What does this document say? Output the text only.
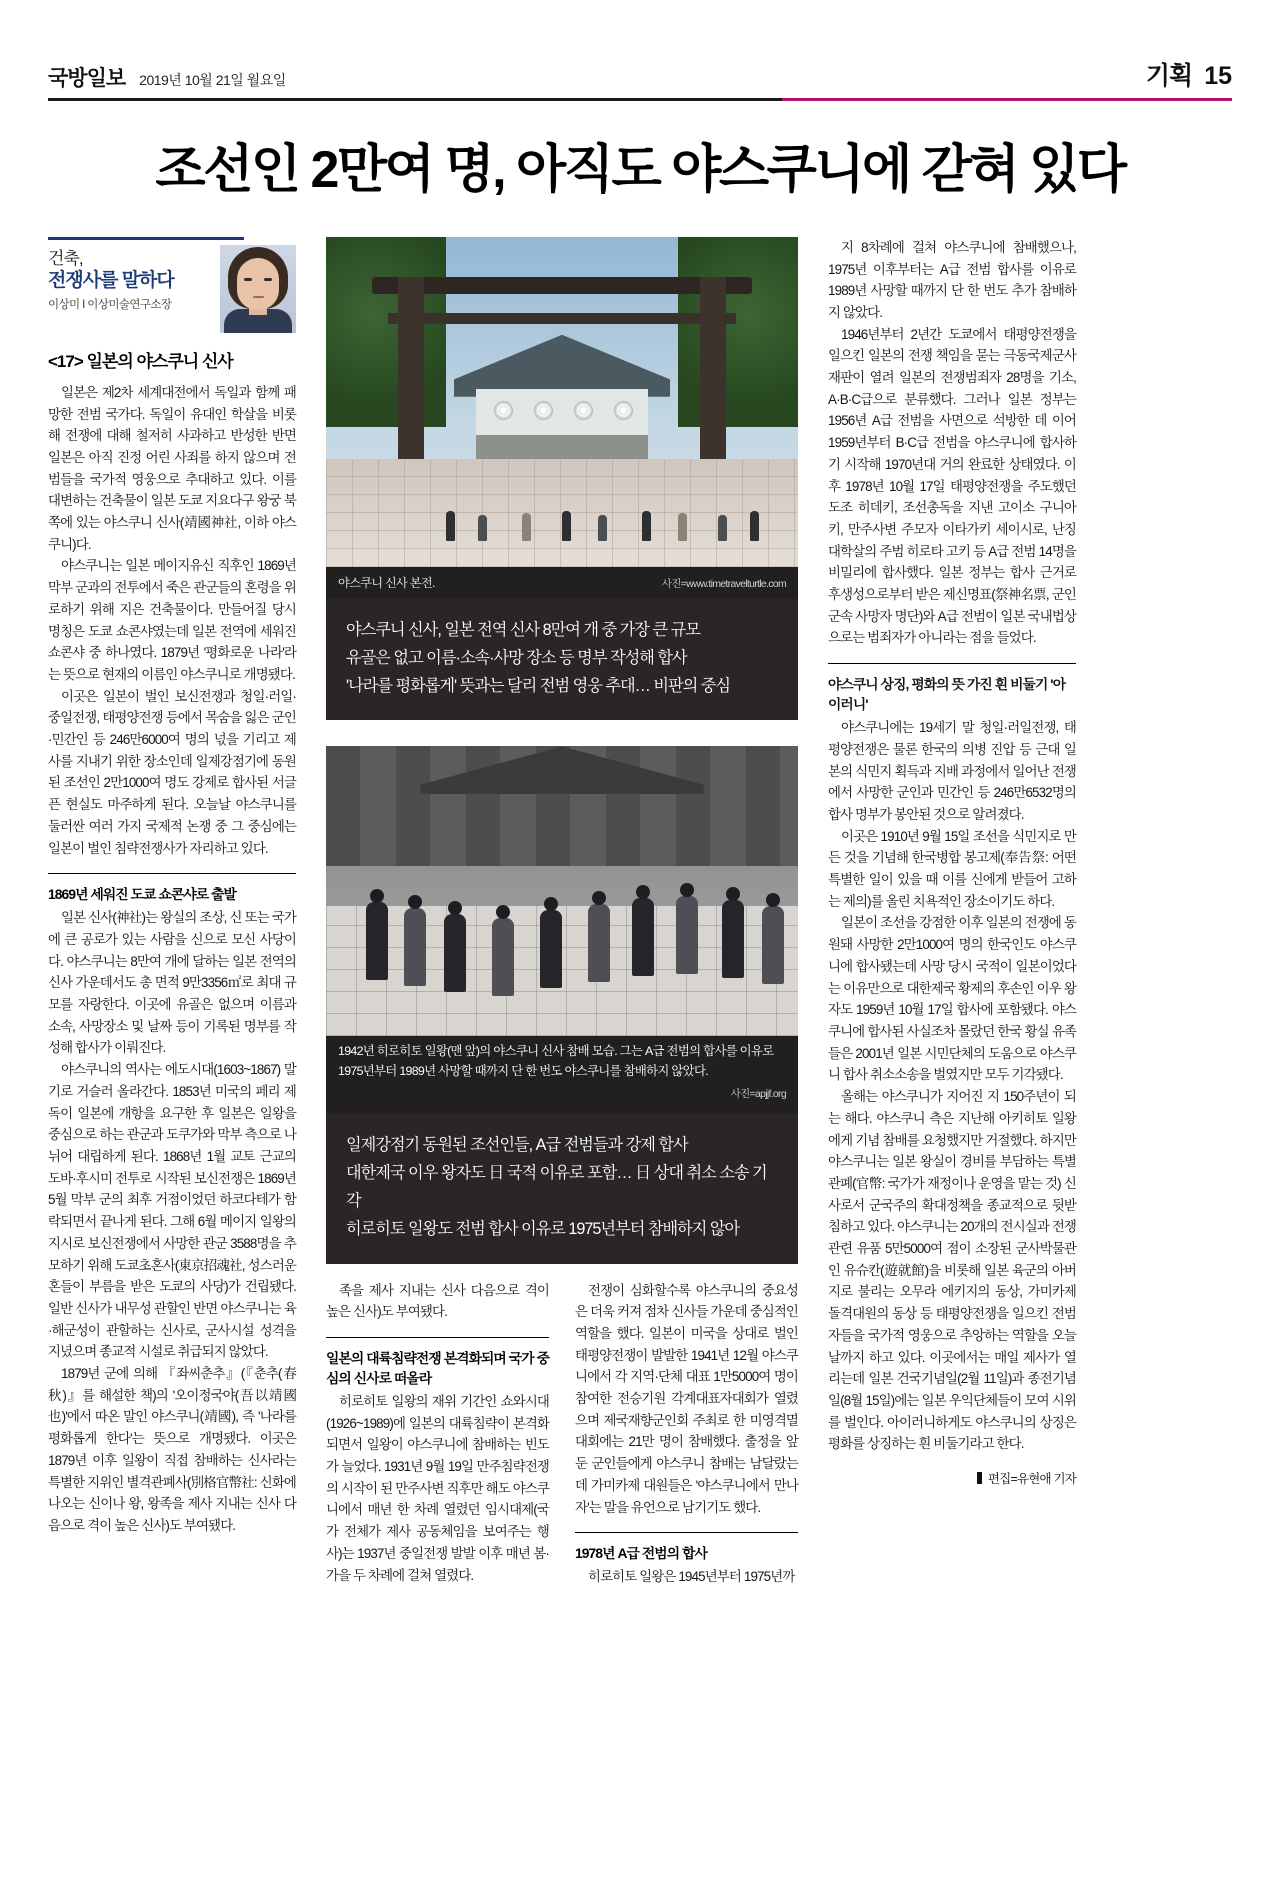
국방일보 2019년 10월 21일 월요일	기획 15
조선인 2만여 명, 아직도 야스쿠니에 갇혀 있다
건축,
전쟁사를 말하다
이상미 I 이상미술연구소장
<17> 일본의 야스쿠니 신사

일본은 제2차 세계대전에서 독일과 함께 패망한 전범 국가다. 독일이 유대인 학살을 비롯해 전쟁에 대해 철저히 사과하고 반성한 반면 일본은 아직 진정 어린 사죄를 하지 않으며 전범들을 국가적 영웅으로 추대하고 있다. 이를 대변하는 건축물이 일본 도쿄 지요다구 왕궁 북쪽에 있는 야스쿠니 신사(靖國神社, 이하 야스쿠니)다.

야스쿠니는 일본 메이지유신 직후인 1869년 막부 군과의 전투에서 죽은 관군들의 혼령을 위로하기 위해 지은 건축물이다. 만들어질 당시 명칭은 도쿄 쇼콘샤였는데 일본 전역에 세워진 쇼콘샤 중 하나였다. 1879년 '평화로운 나라'라는 뜻으로 현재의 이름인 야스쿠니로 개명됐다.

이곳은 일본이 벌인 보신전쟁과 청일·러일·중일전쟁, 태평양전쟁 등에서 목숨을 잃은 군인·민간인 등 246만6000여 명의 넋을 기리고 제사를 지내기 위한 장소인데 일제강점기에 동원된 조선인 2만1000여 명도 강제로 합사된 서글픈 현실도 마주하게 된다. 오늘날 야스쿠니를 둘러싼 여러 가지 국제적 논쟁 중 그 중심에는 일본이 벌인 침략전쟁사가 자리하고 있다.

1869년 세워진 도쿄 쇼콘샤로 출발

일본 신사(神社)는 왕실의 조상, 신 또는 국가에 큰 공로가 있는 사람을 신으로 모신 사당이다. 야스쿠니는 8만여 개에 달하는 일본 전역의 신사 가운데서도 총 면적 9만3356㎡로 최대 규모를 자랑한다. 이곳에 유골은 없으며 이름과 소속, 사망장소 및 날짜 등이 기록된 명부를 작성해 합사가 이뤄진다.

야스쿠니의 역사는 에도시대(1603~1867) 말기로 거슬러 올라간다. 1853년 미국의 페리 제독이 일본에 개항을 요구한 후 일본은 일왕을 중심으로 하는 관군과 도쿠가와 막부 측으로 나뉘어 대립하게 된다. 1868년 1월 교토 근교의 도바·후시미 전투로 시작된 보신전쟁은 1869년 5월 막부 군의 최후 거점이었던 하코다테가 함락되면서 끝나게 된다. 그해 6월 메이지 일왕의 지시로 보신전쟁에서 사망한 관군 3588명을 추모하기 위해 도쿄초혼사(東京招魂社, 성스러운 혼들이 부름을 받은 도쿄의 사당)가 건립됐다. 일반 신사가 내무성 관할인 반면 야스쿠니는 육·해군성이 관할하는 신사로, 군사시설 성격을 지녔으며 종교적 시설로 취급되지 않았다.

1879년 군에 의해 『좌씨춘추』(『춘추(春秋)』를 해설한 책)의 '오이정국야(吾以靖國也)'에서 따온 말인 야스쿠니(靖國), 즉 '나라를 평화롭게 한다'는 뜻으로 개명됐다. 이곳은 1879년 이후 일왕이 직접 참배하는 신사라는 특별한 지위인 별격관폐사(別格官幣社: 신화에 나오는 신이나 왕, 왕족을 제사 지내는 신사 다음으로 격이 높은 신사)도 부여됐다.

야스쿠니 신사 본전.	사진=www.timetravelturtle.com
야스쿠니 신사, 일본 전역 신사 8만여 개 중 가장 큰 규모
유골은 없고 이름·소속·사망 장소 등 명부 작성해 합사
'나라를 평화롭게' 뜻과는 달리 전범 영웅 추대… 비판의 중심
1942년 히로히토 일왕(맨 앞)의 야스쿠니 신사 참배 모습. 그는 A급 전범의 합사를 이유로 1975년부터 1989년 사망할 때까지 단 한 번도 야스쿠니를 참배하지 않았다.
사진=apjjf.org
일제강점기 동원된 조선인들, A급 전범들과 강제 합사
대한제국 이우 왕자도 日 국적 이유로 포함… 日 상대 취소 소송 기각
히로히토 일왕도 전범 합사 이유로 1975년부터 참배하지 않아

족을 제사 지내는 신사 다음으로 격이 높은 신사)도 부여됐다.

일본의 대륙침략전쟁 본격화되며 국가 중심의 신사로 떠올라

히로히토 일왕의 재위 기간인 쇼와시대(1926~1989)에 일본의 대륙침략이 본격화되면서 일왕이 야스쿠니에 참배하는 빈도가 늘었다. 1931년 9월 19일 만주침략전쟁의 시작이 된 만주사변 직후만 해도 야스쿠니에서 매년 한 차례 열렸던 임시대제(국가 전체가 제사 공동체임을 보여주는 행사)는 1937년 중일전쟁 발발 이후 매년 봄·가을 두 차례에 걸쳐 열렸다.

전쟁이 심화할수록 야스쿠니의 중요성은 더욱 커져 점차 신사들 가운데 중심적인 역할을 했다. 일본이 미국을 상대로 벌인 태평양전쟁이 발발한 1941년 12월 야스쿠니에서 각 지역·단체 대표 1만5000여 명이 참여한 전승기원 각계대표자대회가 열렸으며 제국재향군인회 주최로 한 미영격멸대회에는 21만 명이 참배했다. 출정을 앞둔 군인들에게 야스쿠니 참배는 남달랐는데 가미카제 대원들은 '야스쿠니에서 만나자'는 말을 유언으로 남기기도 했다.

1978년 A급 전범의 합사

히로히토 일왕은 1945년부터 1975년까

지 8차례에 걸쳐 야스쿠니에 참배했으나, 1975년 이후부터는 A급 전범 합사를 이유로 1989년 사망할 때까지 단 한 번도 추가 참배하지 않았다.

1946년부터 2년간 도쿄에서 태평양전쟁을 일으킨 일본의 전쟁 책임을 묻는 극동국제군사재판이 열려 일본의 전쟁범죄자 28명을 기소, A·B·C급으로 분류했다. 그러나 일본 정부는 1956년 A급 전범을 사면으로 석방한 데 이어 1959년부터 B·C급 전범을 야스쿠니에 합사하기 시작해 1970년대 거의 완료한 상태였다. 이후 1978년 10월 17일 태평양전쟁을 주도했던 도조 히데키, 조선총독을 지낸 고이소 구니아키, 만주사변 주모자 이타가키 세이시로, 난징 대학살의 주범 히로타 고키 등 A급 전범 14명을 비밀리에 합사했다. 일본 정부는 합사 근거로 후생성으로부터 받은 제신명표(祭神名票, 군인 군속 사망자 명단)와 A급 전범이 일본 국내법상으로는 범죄자가 아니라는 점을 들었다.

야스쿠니 상징, 평화의 뜻 가진 흰 비둘기 '아이러니'

야스쿠니에는 19세기 말 청일·러일전쟁, 태평양전쟁은 물론 한국의 의병 진압 등 근대 일본의 식민지 획득과 지배 과정에서 일어난 전쟁에서 사망한 군인과 민간인 등 246만6532명의 합사 명부가 봉안된 것으로 알려졌다.

이곳은 1910년 9월 15일 조선을 식민지로 만든 것을 기념해 한국병합 봉고제(奉告祭: 어떤 특별한 일이 있을 때 이를 신에게 받들어 고하는 제의)를 올린 치욕적인 장소이기도 하다.

일본이 조선을 강점한 이후 일본의 전쟁에 동원돼 사망한 2만1000여 명의 한국인도 야스쿠니에 합사됐는데 사망 당시 국적이 일본이었다는 이유만으로 대한제국 황제의 후손인 이우 왕자도 1959년 10월 17일 합사에 포함됐다. 야스쿠니에 합사된 사실조차 몰랐던 한국 황실 유족들은 2001년 일본 시민단체의 도움으로 야스쿠니 합사 취소소송을 벌였지만 모두 기각됐다.

올해는 야스쿠니가 지어진 지 150주년이 되는 해다. 야스쿠니 측은 지난해 아키히토 일왕에게 기념 참배를 요청했지만 거절했다. 하지만 야스쿠니는 일본 왕실이 경비를 부담하는 특별 관폐(官幣: 국가가 재정이나 운영을 맡는 것) 신사로서 군국주의 확대정책을 종교적으로 뒷받침하고 있다. 야스쿠니는 20개의 전시실과 전쟁 관련 유품 5만5000여 점이 소장된 군사박물관인 유슈칸(遊就館)을 비롯해 일본 육군의 아버지로 불리는 오무라 에키지의 동상, 가미카제 돌격대원의 동상 등 태평양전쟁을 일으킨 전범자들을 국가적 영웅으로 추앙하는 역할을 오늘날까지 하고 있다. 이곳에서는 매일 제사가 열리는데 일본 건국기념일(2월 11일)과 종전기념일(8월 15일)에는 일본 우익단체들이 모여 시위를 벌인다. 아이러니하게도 야스쿠니의 상징은 평화를 상징하는 흰 비둘기라고 한다.

편집=유현애 기자
